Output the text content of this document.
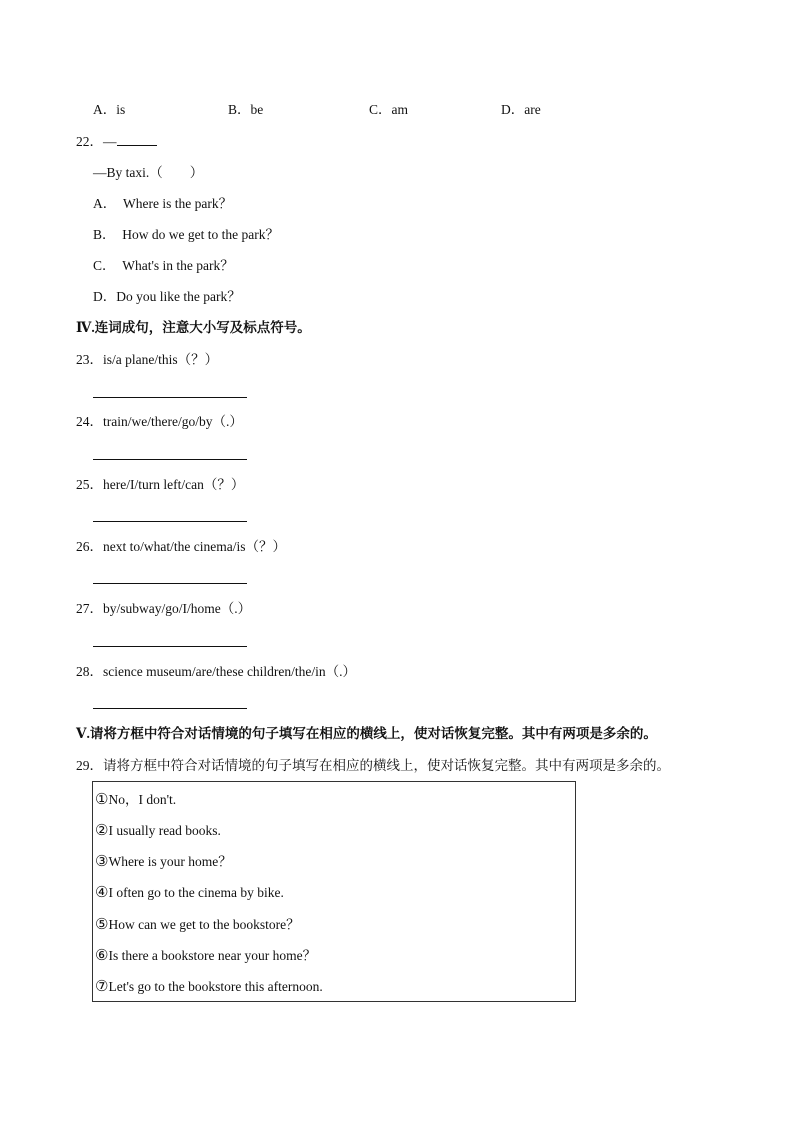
A．is	B．be	C．am	D．are
22．—
—By taxi.（　　）
A．　Where is the park？
B．　How do we get to the park？
C．　What's in the park？
D．Do you like the park？
Ⅳ.连词成句，注意大小写及标点符号。
23．is/a plane/this（？）
24．train/we/there/go/by（.）
25．here/I/turn left/can（？）
26．next to/what/the cinema/is（？）
27．by/subway/go/I/home（.）
28．science museum/are/these children/the/in（.）
Ⅴ.请将方框中符合对话情境的句子填写在相应的横线上，使对话恢复完整。其中有两项是多余的。
29．请将方框中符合对话情境的句子填写在相应的横线上，使对话恢复完整。其中有两项是多余的。
①No，I don't.
②I usually read books.
③Where is your home？
④I often go to the cinema by bike.
⑤How can we get to the bookstore？
⑥Is there a bookstore near your home？
⑦Let's go to the bookstore this afternoon.
